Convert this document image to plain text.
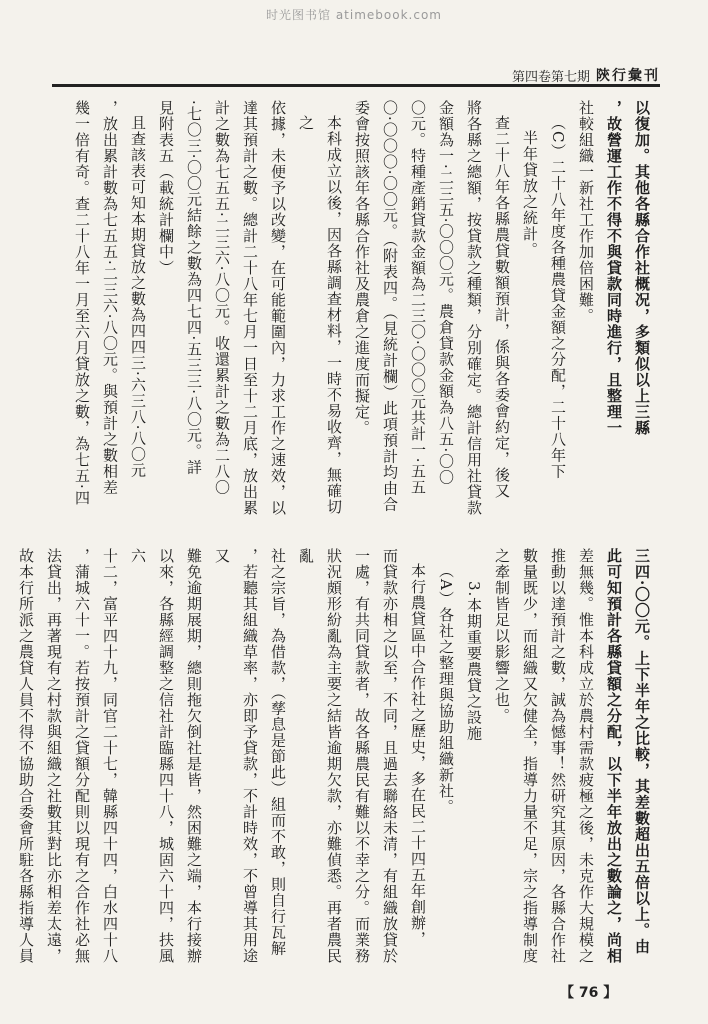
时光图书馆 atimebook.com
第四卷第七期 陝行彙刊

以復加。其他各縣合作社概况，多類似以上三縣

，故營運工作不得不與貸款同時進行，且整理一

社較組織一新社工作加倍困難。

（C）二十八年度各種農貸金額之分配，二十八年下

半年貸放之統計。

查二十八年各縣農貸數額預計，係與各委會約定，後又

將各縣之總額，按貸款之種類，分別確定。總計信用社貸款

金額為一·二三五·〇〇〇元。農倉貸款金額為八五·〇〇

〇元。特種產銷貸款金額為二三〇·〇〇〇元共計一·五五

〇·〇〇〇·〇〇元。（附表四。（見統計欄）此項預計均由合

委會按照該年各縣合作社及農倉之進度而擬定。

本科成立以後，因各縣調查材料，一時不易收齊，無確切之

依據，未便予以改變，在可能範圍內，力求工作之速效，以

達其預計之數。總計二十八年七月一日至十二月底，放出累

計之數為七五五·二三六·八〇元。收還累計之數為二八〇

·七〇三·〇〇元結餘之數為四七四·五三三·八〇元。詳

見附表五（載統計欄中）

且查該表可知本期貸放之數為四四三·六三八·八〇元

，放出累計數為七五五·二三六·八〇元。與預計之數相差

幾一倍有奇。查二十八年一月至六月貸放之數，為七五·四

三四·〇〇元。上下半年之比較，其差數超出五倍以上。由

此可知預計各縣貸額之分配，以下半年放出之數論之，尚相

差無幾。惟本科成立於農村需款疲極之後，未克作大規模之

推動以達預計之數，誠為憾事！然研究其原因，各縣合作社

數量既少，而組織又欠健全，指導力量不足，宗之指導制度

之牽制皆足以影響之也。

3.本期重要農貸之設施

（A）各社之整理與協助組織新社。

本行農貸區中合作社之歷史，多在民二十四五年創辦，

而貸款亦相之以至，不同，且過去聯絡未清，有組織放貸於

一處，有共同貸款者，故各縣農民有難以不幸之分。而業務

狀況頗形紛亂為主要之結皆逾期欠款，亦難偵悉。再者農民亂

社之宗旨，為借款，（孳息是節此）組而不敢，則自行瓦解

，若聽其組織草率，亦即予貸款，不計時效，不曾導其用途又

難免逾期展期，總則拖欠倒社是皆，然困難之端，本行接辦

以來，各縣經調整之信社計臨縣四十八，城固六十四，扶風六

十二，富平四十九，同官二十七，韓縣四十四，白水四十八

，蒲城六十一。若按預計之貸額分配則以現有之合作社必無

法貸出，再著現有之村款與組織之社數其對比亦相差太遠，

故本行所派之農貸人員不得不協助合委會所駐各縣指導人員

【 76 】
